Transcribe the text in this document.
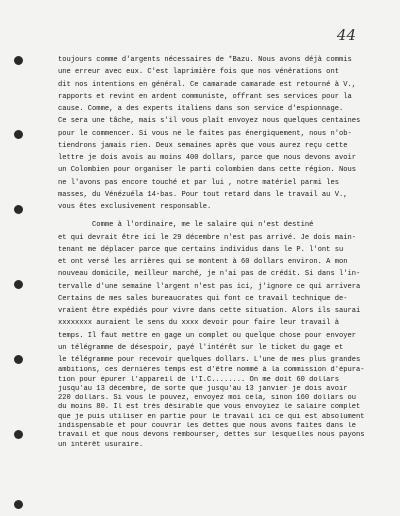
44
toujours comme d'argents nécessaires de *Bazu. Nous avons déjà commis
une erreur avec eux. C'est laprimière fois que nos vénérations ont
dit nos intentions en général. Ce camarade camarade est retourné à V.,
rapports et revint en ardent communiste, offrant ses services pour la
cause. Comme, a des experts italiens dans son service d'espionnage.
Ce sera une tâche, mais s'il vous plaît envoyez nous quelques centaines
pour le commencer. Si vous ne le faites pas énergiquement, nous n'ob-
tiendrons jamais rien. Deux semaines après que vous aurez reçu cette
lettre je dois avois au moins 400 dollars, parce que nous devons avoir
un Colombien pour organiser le parti colombien dans cette région. Nous
ne l'avons pas encore touché et par lui , notre matériel parmi les
masses, du Vénézuéla 14-bas. Pour tout retard dans le travail au V.,
vous êtes exclusivement responsable.
Comme à l'ordinaire, me le salaire qui n'est destiné
et qui devrait être ici le 29 décembre n'est pas arrivé. Je dois main-
tenant me déplacer parce que certains individus dans le P. l'ont su
et ont versé les arrières qui se montent à 60 dollars environ. A mon
nouveau domicile, meilleur marché, je n'ai pas de crédit. Si dans l'in-
tervalle d'une semaine l'argent n'est pas ici, j'ignore ce qui arrivera
Certains de mes sales bureaucrates qui font ce travail technique de-
vraient être expédiés pour vivre dans cette situation. Alors ils saurai
xxxxxxxx auraient le sens du xxxx devoir pour faire leur travail à
temps. Il faut mettre en gage un complet ou quelque chose pour envoyer
un télégramme de désespoir, payé l'intérêt sur le ticket du gage et
le télégramme pour recevoir quelques dollars. L'une de mes plus grandes
ambitions, ces dernières temps est d'être nommé à la commission d'épura-
tion pour épurer l'appareil de l'I.C........ On me doit 60 dollars
jusqu'au 13 décembre, de sorte que jusqu'au 13 janvier je dois avoir
220 dollars. Si vous le pouvez, envoyez moi cela, sinon 160 dollars ou
du moins 80. Il est très désirable que vous envoyiez le salaire complet
que je puis utiliser en partie pour le travail ici ce qui est absolument
indispensable et pour couvrir les dettes que nous avons faites dans le
travail et que nous devons rembourser, dettes sur lesquelles nous payons
un intérêt usuraire.
